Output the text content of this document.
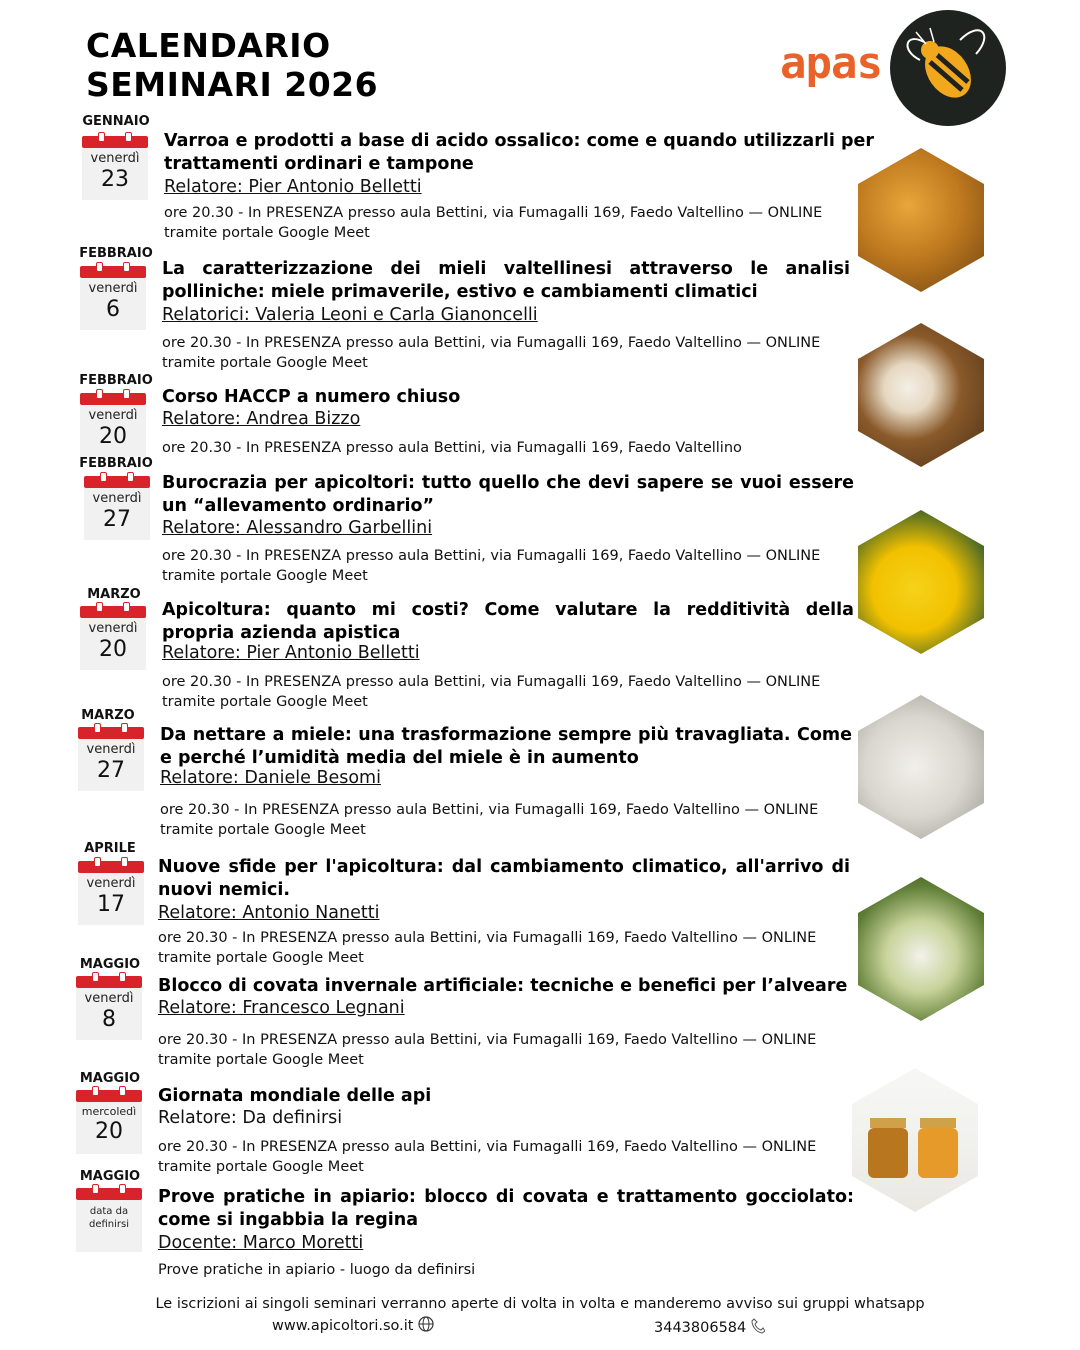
CALENDARIO
SEMINARI 2026	apas
GENNAIO
venerdì
23
Varroa e prodotti a base di acido ossalico: come e quando utilizzarli per trattamenti ordinari e tampone
Relatore: Pier Antonio Belletti
ore 20.30 - In PRESENZA presso aula Bettini, via Fumagalli 169, Faedo Valtellino — ONLINE tramite portale Google Meet
FEBBRAIO
venerdì
6
La caratterizzazione dei mieli valtellinesi attraverso le analisi polliniche: miele primaverile, estivo e cambiamenti climatici
Relatorici: Valeria Leoni e Carla Gianoncelli
ore 20.30 - In PRESENZA presso aula Bettini, via Fumagalli 169, Faedo Valtellino — ONLINE tramite portale Google Meet
FEBBRAIO
venerdì
20
Corso HACCP a numero chiuso
Relatore: Andrea Bizzo
ore 20.30 - In PRESENZA presso aula Bettini, via Fumagalli 169, Faedo Valtellino
FEBBRAIO
venerdì
27
Burocrazia per apicoltori: tutto quello che devi sapere se vuoi essere un “allevamento ordinario”
Relatore: Alessandro Garbellini
ore 20.30 - In PRESENZA presso aula Bettini, via Fumagalli 169, Faedo Valtellino — ONLINE tramite portale Google Meet
MARZO
venerdì
20
Apicoltura: quanto mi costi? Come valutare la redditività della propria azienda apistica
Relatore: Pier Antonio Belletti
ore 20.30 - In PRESENZA presso aula Bettini, via Fumagalli 169, Faedo Valtellino — ONLINE tramite portale Google Meet
MARZO
venerdì
27
Da nettare a miele: una trasformazione sempre più travagliata. Come e perché l’umidità media del miele è in aumento
Relatore: Daniele Besomi
ore 20.30 - In PRESENZA presso aula Bettini, via Fumagalli 169, Faedo Valtellino — ONLINE tramite portale Google Meet
APRILE
venerdì
17
Nuove sfide per l'apicoltura: dal cambiamento climatico, all'arrivo di nuovi nemici.
Relatore: Antonio Nanetti
ore 20.30 - In PRESENZA presso aula Bettini, via Fumagalli 169, Faedo Valtellino — ONLINE tramite portale Google Meet
MAGGIO
venerdì
8
Blocco di covata invernale artificiale: tecniche e benefici per l’alveare
Relatore: Francesco Legnani
ore 20.30 - In PRESENZA presso aula Bettini, via Fumagalli 169, Faedo Valtellino — ONLINE tramite portale Google Meet
MAGGIO
mercoledì
20
Giornata mondiale delle api
Relatore: Da definirsi
ore 20.30 - In PRESENZA presso aula Bettini, via Fumagalli 169, Faedo Valtellino — ONLINE tramite portale Google Meet
MAGGIO
data da definirsi
Prove pratiche in apiario: blocco di covata e trattamento gocciolato: come si ingabbia la regina
Docente: Marco Moretti
Prove pratiche in apiario - luogo da definirsi
Le iscrizioni ai singoli seminari verranno aperte di volta in volta e manderemo avviso sui gruppi whatsapp
www.apicoltori.so.it	3443806584
